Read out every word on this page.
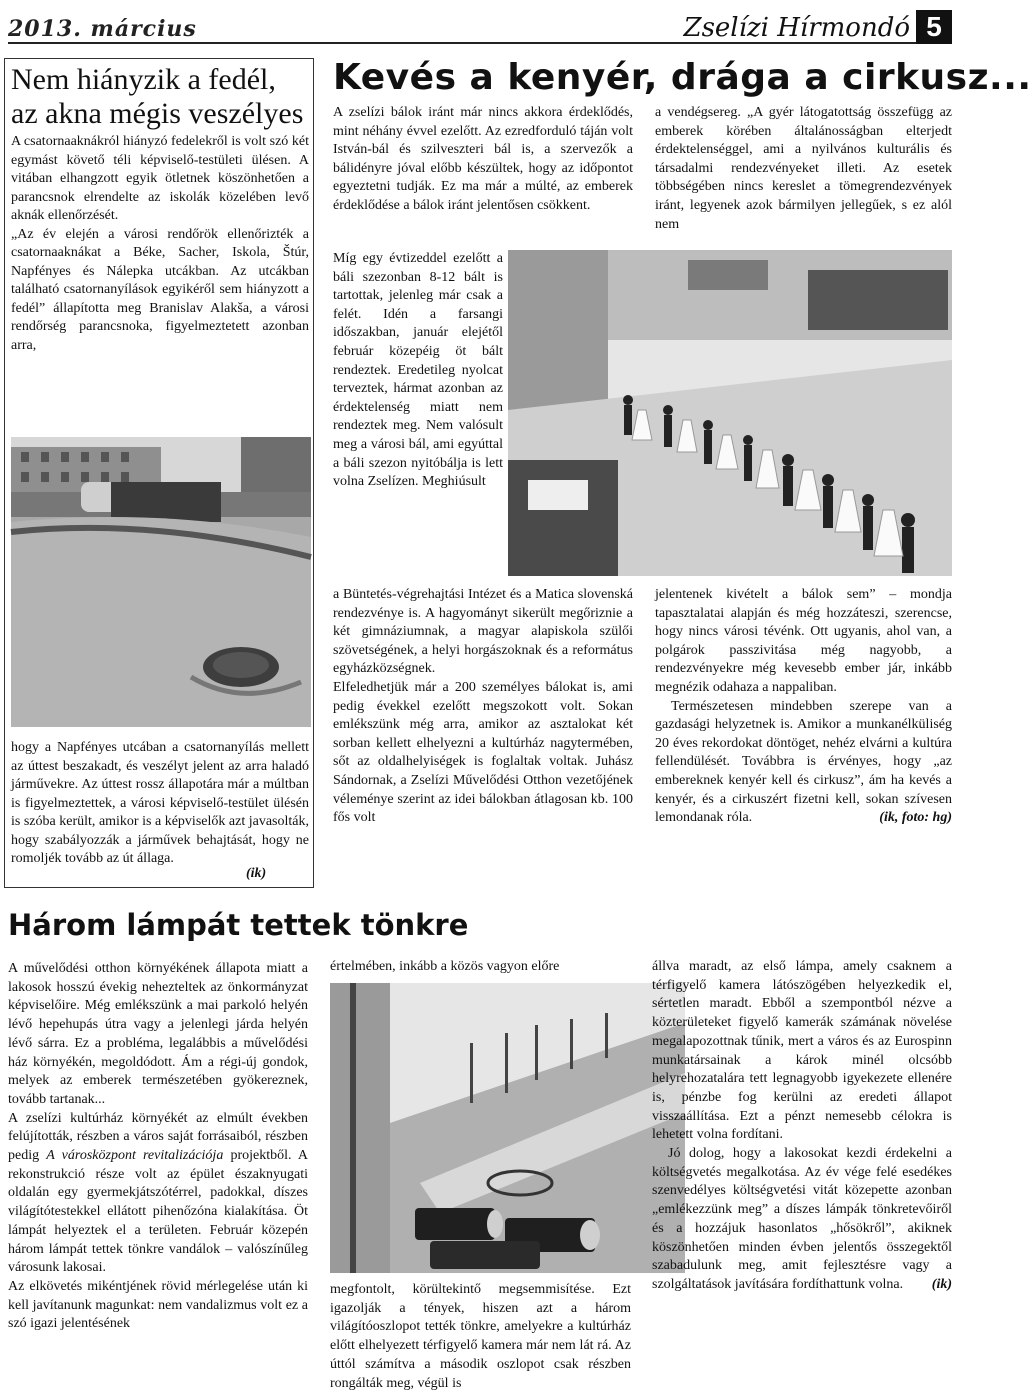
2013. március	Zselízi Hírmondó 5
Nem hiányzik a fedél,
az akna mégis veszélyes

A csatornaaknákról hiányzó fedelekről is volt szó két egymást követő téli képviselő-testületi ülésen. A vitában elhangzott egyik ötletnek köszönhetően a parancsnok elrendelte az iskolák közelében levő aknák ellenőrzését.

„Az év elején a városi rendőrök ellenőrizték a csatornaaknákat a Béke, Sacher, Iskola, Štúr, Napfényes és Nálepka utcákban. Az utcákban található csatornanyílások egyikéről sem hiányzott a fedél” állapította meg Branislav Alakša, a városi rendőrség parancsnoka, figyelmeztetett azonban arra,

hogy a Napfényes utcában a csatornanyílás mellett az úttest beszakadt, és veszélyt jelent az arra haladó járművekre. Az úttest rossz állapotára már a múltban is figyelmeztettek, a városi képviselő-testület ülésén is szóba került, amikor is a képviselők azt javasolták, hogy szabályozzák a járművek behajtását, hogy ne romoljék tovább az út állaga.

(ik)
Kevés a kenyér, drága a cirkusz...

A zselízi bálok iránt már nincs akkora érdeklődés, mint néhány évvel ezelőtt. Az ezredforduló táján volt István-bál és szilveszteri bál is, a szervezők a bálidényre jóval előbb készültek, hogy az időpontot egyeztetni tudják. Ez ma már a múlté, az emberek érdeklődése a bálok iránt jelentősen csökkent.

Míg egy évtizeddel ezelőtt a báli szezonban 8-12 bált is tartottak, jelenleg már csak a felét. Idén a farsangi időszakban, január elejétől február közepéig öt bált rendeztek. Eredetileg nyolcat terveztek, hármat azonban az érdektelenség miatt nem rendeztek meg. Nem valósult meg a városi bál, ami egyúttal a báli szezon nyitóbálja is lett volna Zselízen. Meghiúsult

a Büntetés-végrehajtási Intézet és a Matica slovenská rendezvénye is. A hagyományt sikerült megőrizniе a két gimnáziumnak, a magyar alapiskola szülői szövetségének, a helyi horgászoknak és a református egyházközségnek.

Elfeledhetjük már a 200 személyes bálokat is, ami pedig évekkel ezelőtt megszokott volt. Sokan emlékszünk még arra, amikor az asztalokat két sorban kellett elhelyezni a kultúrház nagytermében, sőt az oldalhelyiségek is foglaltak voltak. Juhász Sándornak, a Zselízi Művelődési Otthon vezetőjének véleménye szerint az idei bálokban átlagosan kb. 100 fős volt

a vendégsereg. „A gyér látogatottság összefügg az emberek körében általánosságban elterjedt érdektelenséggel, ami a nyilvános kulturális és társadalmi rendezvényeket illeti. Az esetek többségében nincs kereslet a tömegrendezvények iránt, legyenek azok bármilyen jellegűek, s ez alól nem

jelentenek kivételt a bálok sem” – mondja tapasztalatai alapján és még hozzáteszi, szerencse, hogy nincs városi tévénk. Ott ugyanis, ahol van, a polgárok passzivitása még nagyobb, a rendezvényekre még kevesebb ember jár, inkább megnézik odahaza a nappaliban.

Természetesen mindebben szerepe van a gazdasági helyzetnek is. Amikor a munkanélküliség 20 éves rekordokat döntöget, nehéz elvárni a kultúra fellendülését. Továbbra is érvényes, hogy „az embereknek kenyér kell és cirkusz”, ám ha kevés a kenyér, és a cirkuszért fizetni kell, sokan szívesen lemondanak róla.	(ik, foto: hg)

Három lámpát tettek tönkre

A művelődési otthon környékének állapota miatt a lakosok hosszú évekig nehezteltek az önkormányzat képviselőire. Még emlékszünk a mai parkoló helyén lévő hepehupás útra vagy a jelenlegi járda helyén lévő sárra. Ez a probléma, legalábbis a művelődési ház környékén, megoldódott. Ám a régi-új gondok, melyek az emberek természetében gyökereznek, tovább tartanak...

A zselízi kultúrház környékét az elmúlt években felújították, részben a város saját forrásaiból, részben pedig A városközpont revitalizációja projektből. A rekonstrukció része volt az épület északnyugati oldalán egy gyermekjátszótérrel, padokkal, díszes világítótestekkel ellátott pihenőzóna kialakítása. Öt lámpát helyeztek el a területen. Február közepén három lámpát tettek tönkre vandálok – valószínűleg városunk lakosai.

Az elkövetés mikéntjének rövid mérlegelése után ki kell javítanunk magunkat: nem vandalizmus volt ez a szó igazi jelentésének

értelmében, inkább a közös vagyon előre

megfontolt, körültekintő megsemmisítése. Ezt igazolják a tények, hiszen azt a három világítóoszlopot tették tönkre, amelyekre a kultúrház előtt elhelyezett térfigyelő kamera már nem lát rá. Az úttól számítva a második oszlopot csak részben rongálták meg, végül is

állva maradt, az első lámpa, amely csaknem a térfigyelő kamera látószögében helyezkedik el, sértetlen maradt. Ebből a szempontból nézve a közterületeket figyelő kamerák számának növelése megalapozottnak tűnik, mert a város és az Eurospinn munkatársainak a károk minél olcsóbb helyrehozatalára tett legnagyobb igyekezete ellenére is, pénzbe fog kerülni az eredeti állapot visszaállítása. Ezt a pénzt nemesebb célokra is lehetett volna fordítani.

Jó dolog, hogy a lakosokat kezdi érdekelni a költségvetés megalkotása. Az év vége felé esedékes szenvedélyes költségvetési vitát közepette azonban „emlékezzünk meg” a díszes lámpák tönkretevőiről és a hozzájuk hasonlatos „hősökről”, akiknek köszönhetően minden évben jelentős összegektől szabadulunk meg, amit fejlesztésre vagy a szolgáltatások javítására fordíthattunk volna.	(ik)
